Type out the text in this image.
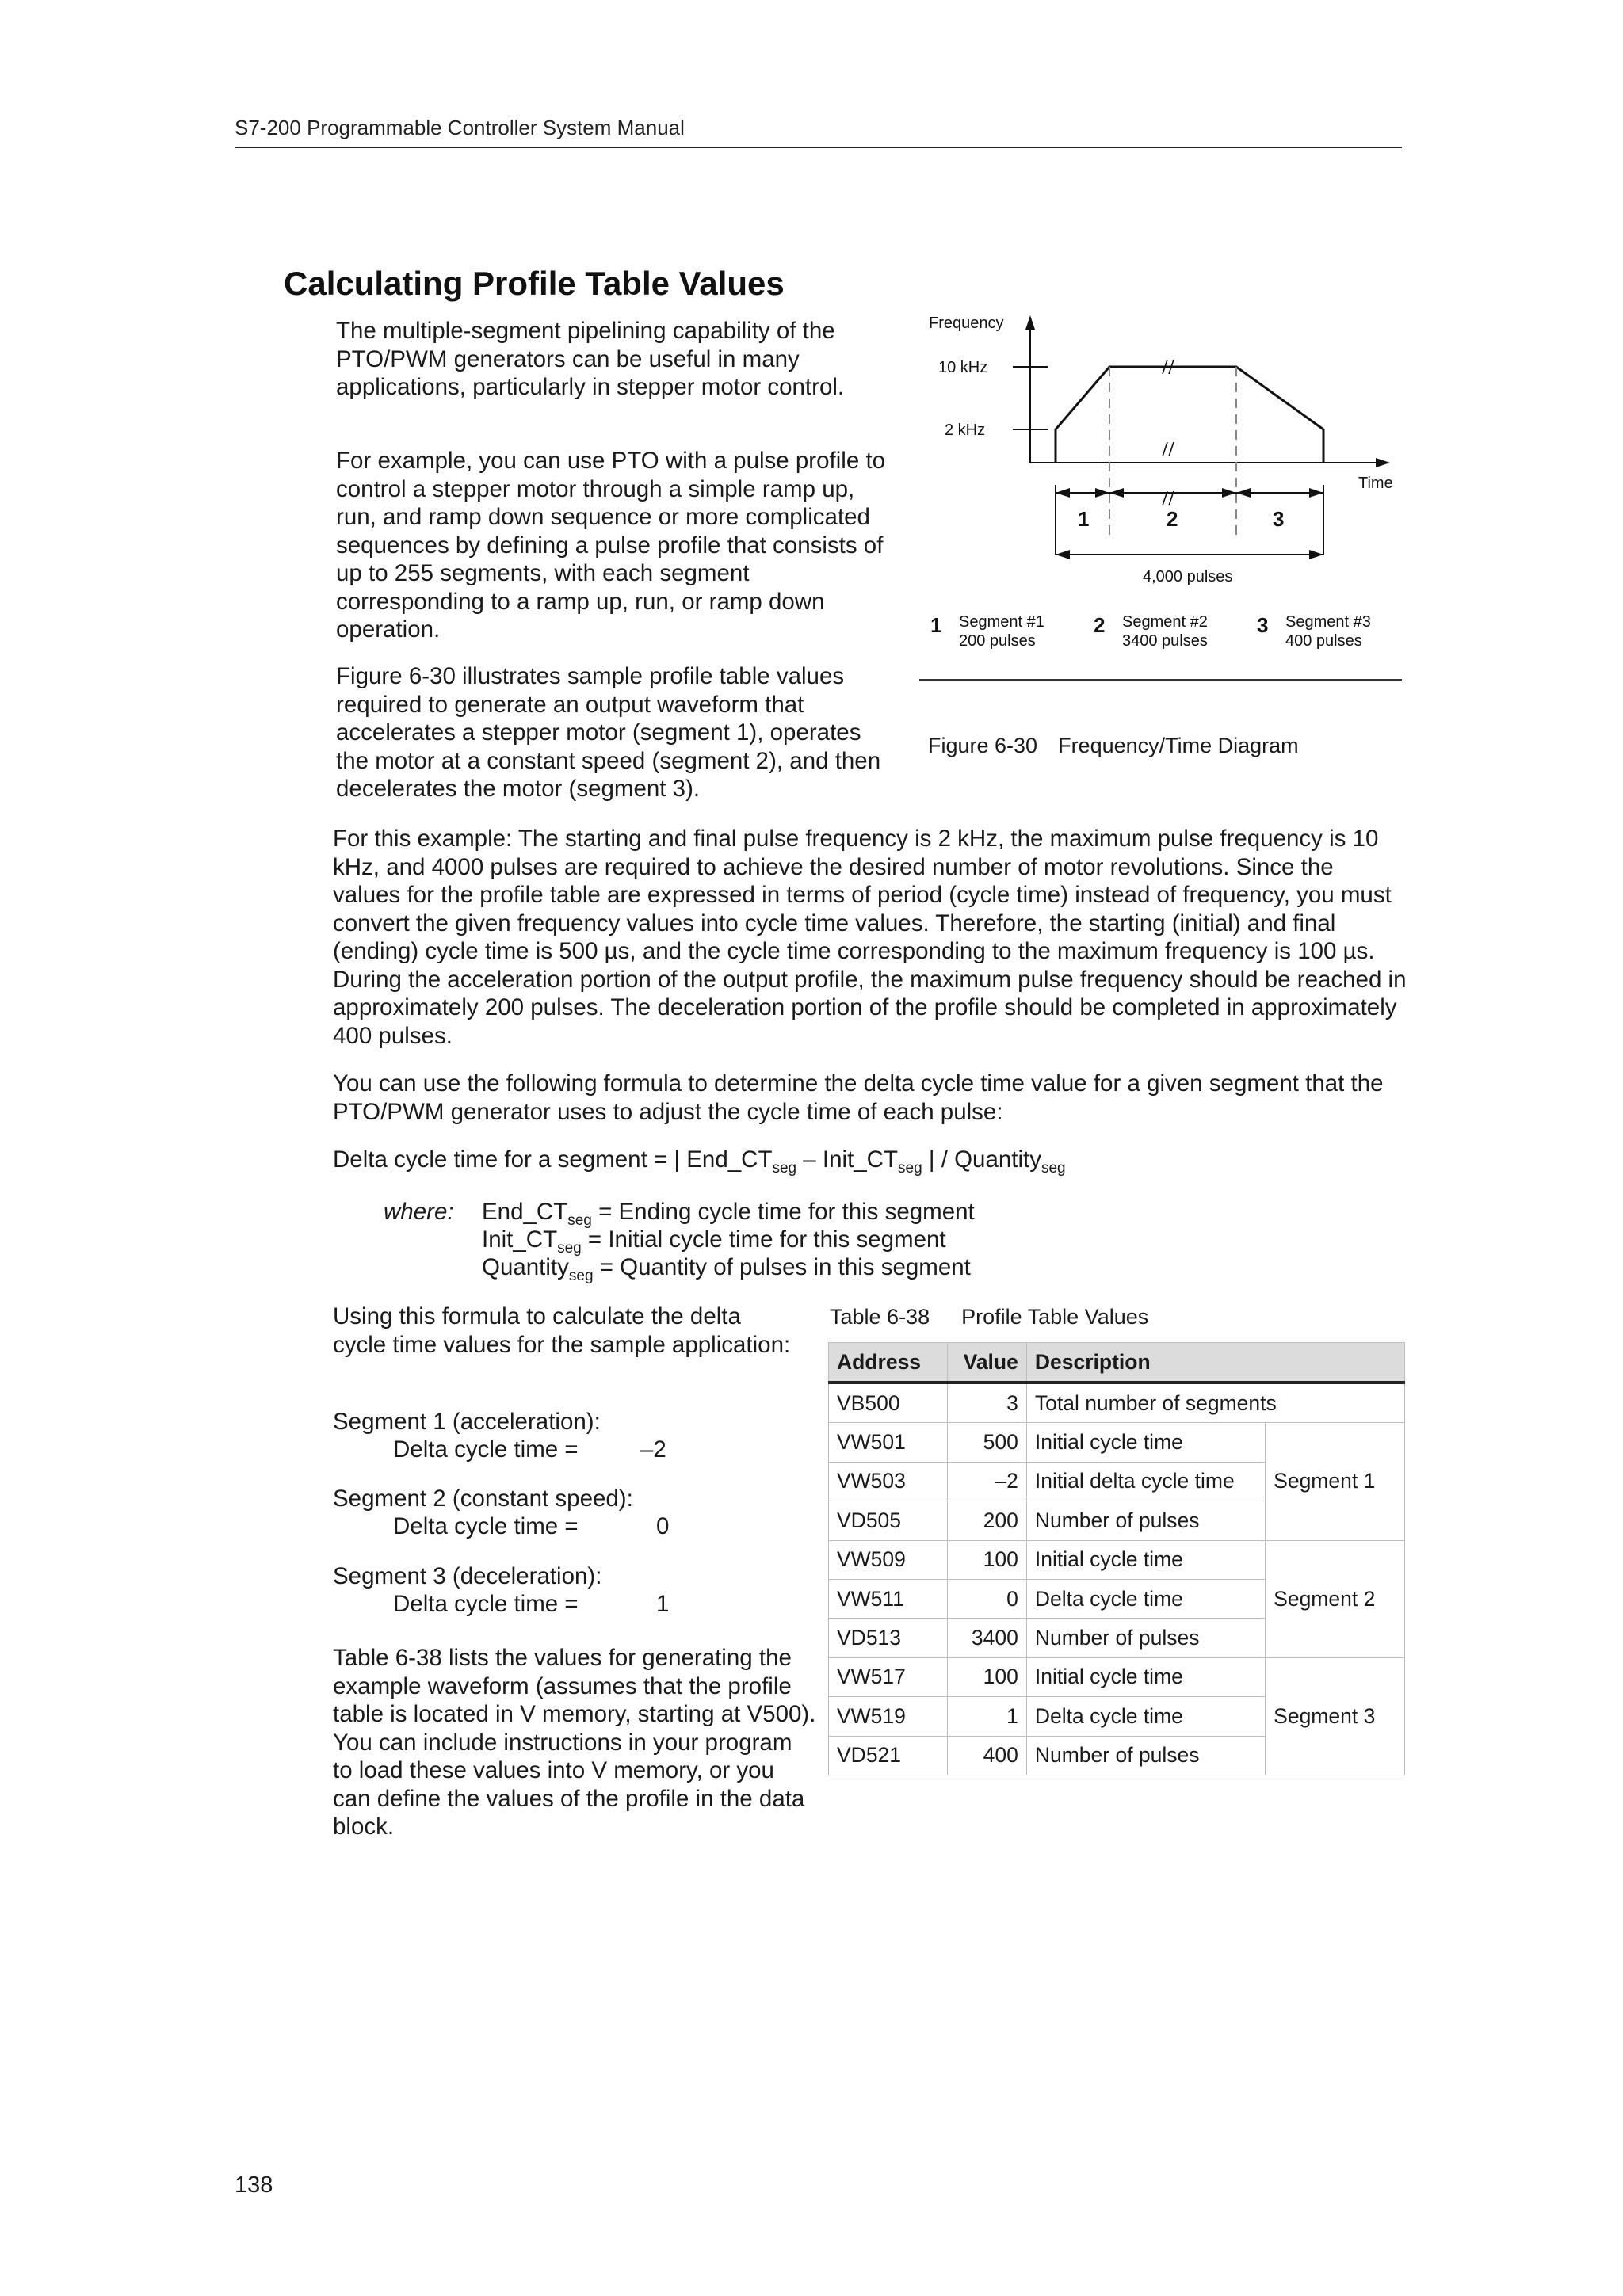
S7-200 Programmable Controller System Manual
Calculating Profile Table Values

The multiple-segment pipelining capability of the PTO/PWM generators can be useful in many applications, particularly in stepper motor control.

For example, you can use PTO with a pulse profile to control a stepper motor through a simple ramp up, run, and ramp down sequence or more complicated sequences by defining a pulse profile that consists of up to 255 segments, with each segment corresponding to a ramp up, run, or ramp down operation.

Figure 6-30 illustrates sample profile table values required to generate an output waveform that accelerates a stepper motor (segment 1), operates the motor at a constant speed (segment 2), and then decelerates the motor (segment 3).

Frequency
Time
10 kHz
2 kHz
1	2	3
4,000 pulses
1 Segment #1
200 pulses
2 Segment #2
3400 pulses
3 Segment #3
400 pulses
Figure 6-30 Frequency/Time Diagram

For this example: The starting and final pulse frequency is 2 kHz, the maximum pulse frequency is 10 kHz, and 4000 pulses are required to achieve the desired number of motor revolutions. Since the values for the profile table are expressed in terms of period (cycle time) instead of frequency, you must convert the given frequency values into cycle time values. Therefore, the starting (initial) and final (ending) cycle time is 500 µs, and the cycle time corresponding to the maximum frequency is 100 µs. During the acceleration portion of the output profile, the maximum pulse frequency should be reached in approximately 200 pulses. The deceleration portion of the profile should be completed in approximately 400 pulses.

You can use the following formula to determine the delta cycle time value for a given segment that the PTO/PWM generator uses to adjust the cycle time of each pulse:

Delta cycle time for a segment = | $End\_CT_{seg}$ – $Init\_CT_{seg}$ | / Quantity$_{seg}$

where: $End\_CT_{seg}$ = Ending cycle time for this segment

$Init\_CT_{seg}$ = Initial cycle time for this segment

Quantity$_{seg}$ = Quantity of pulses in this segment

Using this formula to calculate the delta cycle time values for the sample application:

Segment 1 (acceleration):

Delta cycle time =	–2

Segment 2 (constant speed):

Delta cycle time =	0

Segment 3 (deceleration):

Delta cycle time =	1

Table 6-38 lists the values for generating the example waveform (assumes that the profile table is located in V memory, starting at V500). You can include instructions in your program to load these values into V memory, or you can define the values of the profile in the data block.

Table 6-38 Profile Table Values
Address	Value	Description	
VB500	3	Total number of segments	
VW501	500	Initial cycle time	Segment 1
VW503	–2	Initial delta cycle time	
VD505	200	Number of pulses	
VW509	100	Initial cycle time	Segment 2
VW511	0	Delta cycle time	
VD513	3400	Number of pulses	
VW517	100	Initial cycle time	Segment 3
VW519	1	Delta cycle time	
VD521	400	Number of pulses	
138
